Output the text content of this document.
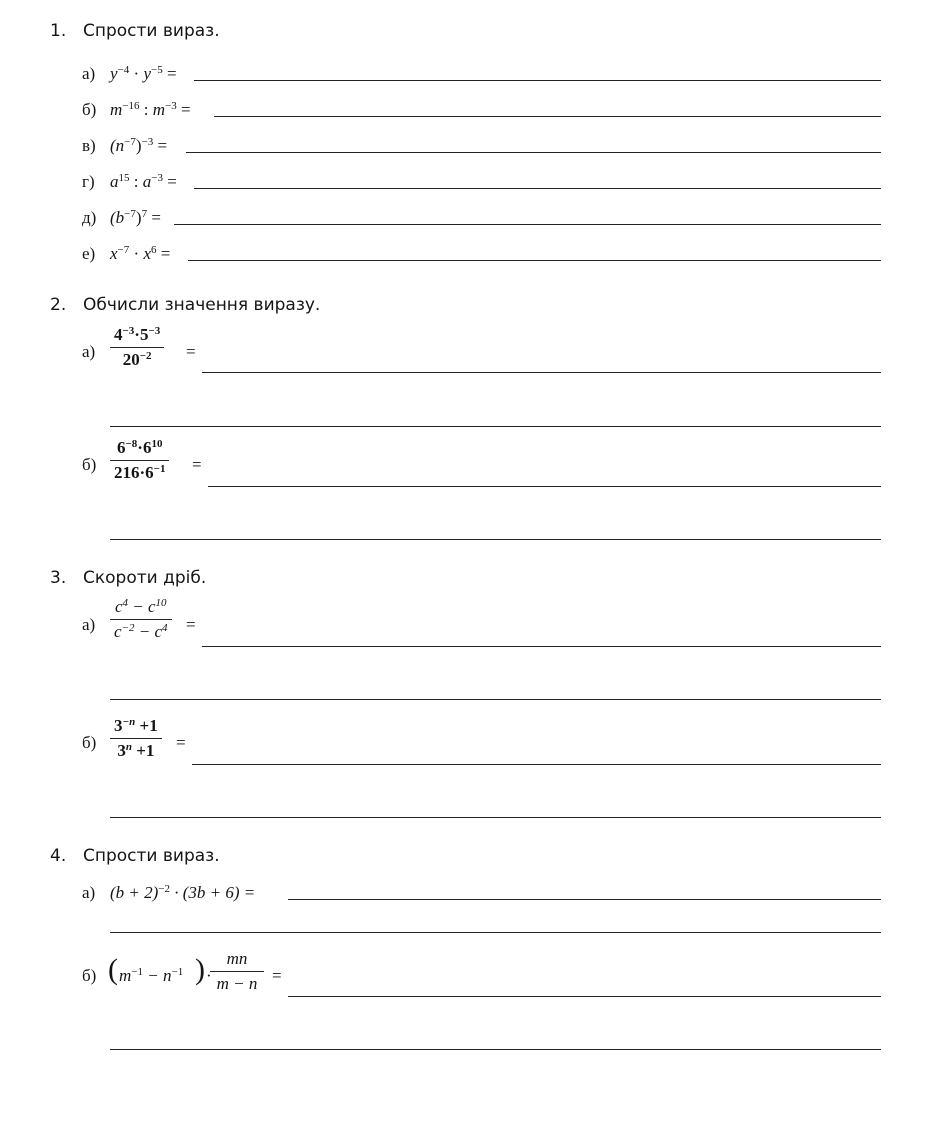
1. Спрости вираз.
а) $y^{-4} \cdot y^{-5}$ =
б) $m^{-16}$ : $m^{-3}$ =
в) $(n^{-7})^{-3}$ =
г) $a^{15}$ : $a^{-3}$ =
д) $(b^{-7})^7$ =
е) $x^{-7} \cdot x^6$ =
2. Обчисли значення виразу.
$а) \frac{4^{-3}\cdot 5^{-3}}{20^{-2}}$ =
$б) \frac{6^{-8}\cdot 6^{10}}{216\cdot 6^{-1}}$ =
3. Скороти дріб.
$а) \frac{c^4 - c^{10}}{c^{-2} - c^4}$ =
$б) \frac{3^{-n} +1}{3^n +1}$ =
4. Спрости вираз.
а) $(b + 2)^{-2} \cdot (3b + 6)$ =
б) ( $m^{-1} - n^{-1}$ ) ·
$\frac{mn}{m - n}$ =
